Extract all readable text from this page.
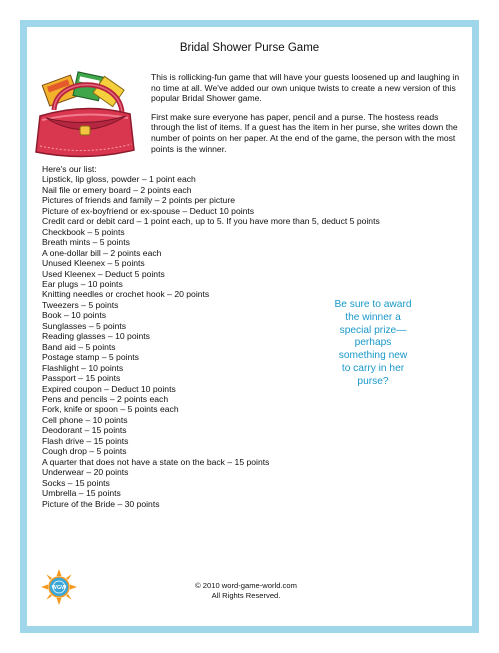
Bridal Shower Purse Game

This is rollicking-fun game that will have your guests loosened up and laughing in no time at all. We've added our own unique twists to create a new version of this popular Bridal Shower game.

First make sure everyone has paper, pencil and a purse. The hostess reads through the list of items. If a guest has the item in her purse, she writes down the number of points on her paper. At the end of the game, the person with the most points is the winner.

Here's our list:
Lipstick, lip gloss, powder – 1 point each
Nail file or emery board – 2 points each
Pictures of friends and family – 2 points per picture
Picture of ex-boyfriend or ex-spouse – Deduct 10 points
Credit card or debit card – 1 point each, up to 5. If you have more than 5, deduct 5 points
Checkbook – 5 points
Breath mints – 5 points
A one-dollar bill – 2 points each
Unused Kleenex – 5 points
Used Kleenex – Deduct 5 points
Ear plugs – 10 points
Knitting needles or crochet hook – 20 points
Tweezers – 5 points
Book – 10 points
Sunglasses – 5 points
Reading glasses – 10 points
Band aid – 5 points
Postage stamp – 5 points
Flashlight – 10 points
Passport – 15 points
Expired coupon – Deduct 10 points
Pens and pencils – 2 points each
Fork, knife or spoon – 5 points each
Cell phone – 10 points
Deodorant – 15 points
Flash drive – 15 points
Cough drop – 5 points
A quarter that does not have a state on the back – 15 points
Underwear – 20 points
Socks – 15 points
Umbrella – 15 points
Picture of the Bride – 30 points
Be sure to award
the winner a
special prize—
perhaps
something new
to carry in her
purse?
WGW	© 2010 word-game-world.com
All Rights Reserved.
